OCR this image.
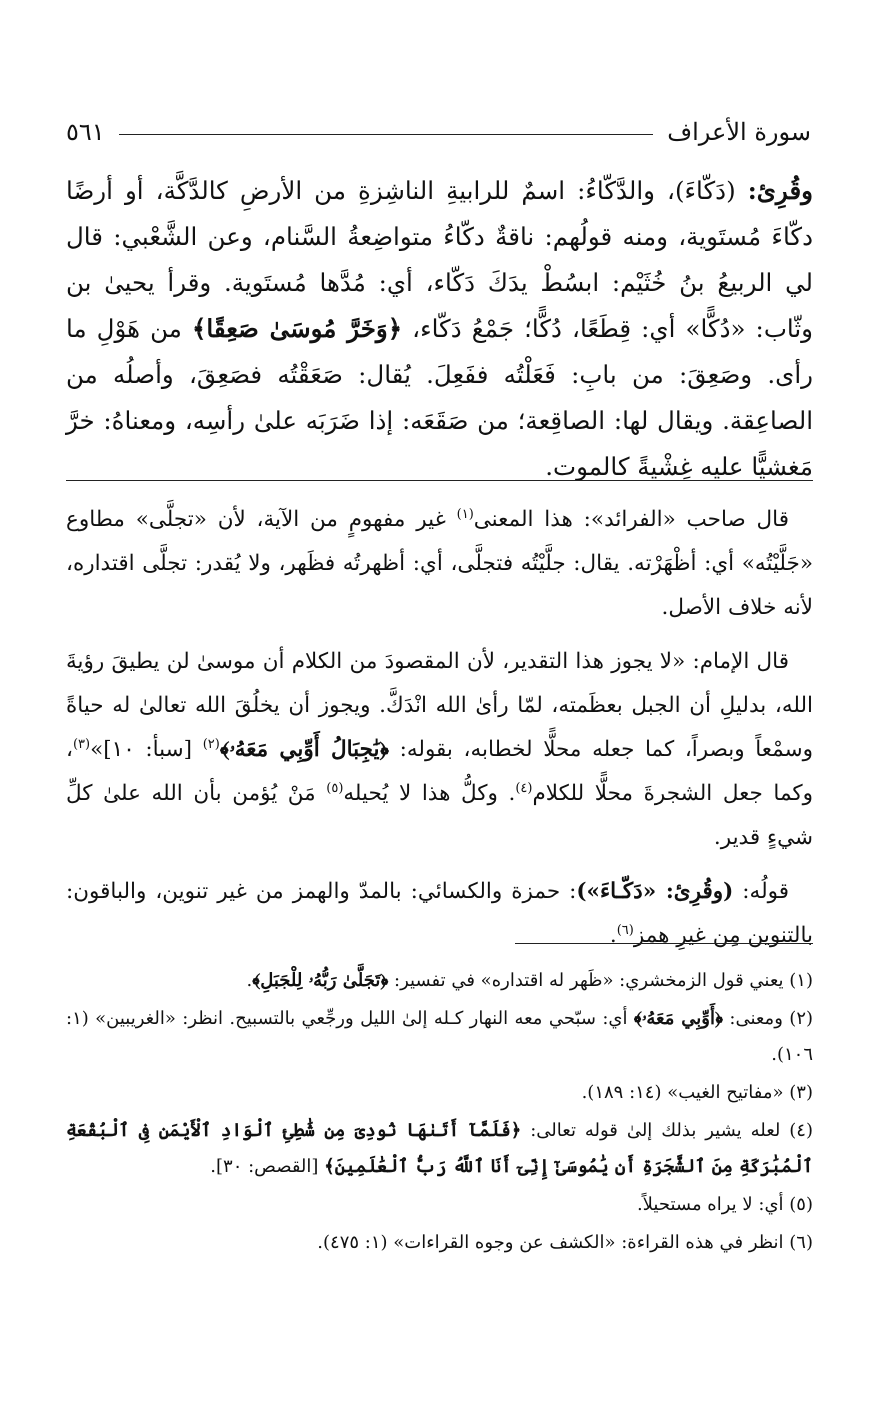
سورة الأعراف
٥٦١

وقُرِئ: (دَكّاءَ)، والدَّكّاءُ: اسمٌ للرابيةِ الناشِزةِ من الأرضِ كالدَّكَّة، أو أرضًا دكّاءَ مُستَوية، ومنه قولُهم: ناقةٌ دكّاءُ متواضِعةُ السَّنام، وعن الشَّعْبي: قال لي الربيعُ بنُ خُثَيْم: ابسُطْ يدَكَ دَكّاء، أي: مُدَّها مُستَوية. وقرأ يحيىٰ بن وثّاب: «دُكًّا» أي: قِطَعًا، دُكًّا؛ جَمْعُ دَكّاء، ﴿وَخَرَّ مُوسَىٰ صَعِقًا﴾ من هَوْلِ ما رأى. وصَعِقَ: من بابِ: فَعَلْتُه ففَعِلَ. يُقال: صَعَقْتُه فصَعِقَ، وأصلُه من الصاعِقة. ويقال لها: الصاقِعة؛ من صَقَعَه: إذا ضَرَبَه علىٰ رأسِه، ومعناهُ: خرَّ مَغشيًّا عليه غِشْيةً كالموت.

قال صاحب «الفرائد»: هذا المعنى$^{(١)}$ غير مفهومٍ من الآية، لأن «تجلَّى» مطاوع «جَلَّيْتُه» أي: أظْهَرْته. يقال: جلَّيْتُه فتجلَّى، أي: أظهرتُه فظَهر، ولا يُقدر: تجلَّى اقتداره، لأنه خلاف الأصل.

قال الإمام: «لا يجوز هذا التقدير، لأن المقصودَ من الكلام أن موسىٰ لن يطيقَ رؤيةَ الله، بدليلِ أن الجبل بعظَمته، لمّا رأىٰ الله انْدَكَّ. ويجوز أن يخلُقَ الله تعالىٰ له حياةً وسمْعاً وبصراً، كما جعله محلًّا لخطابه، بقوله: ﴿يَٰجِبَالُ أَوِّبِي مَعَهُۥ﴾$^{(٢)}$ [سبأ: ١٠]»$^{(٣)}$، وكما جعل الشجرةَ محلًّا للكلام$^{(٤)}$. وكلُّ هذا لا يُحيله$^{(٥)}$ مَنْ يُؤمن بأن الله علىٰ كلِّ شيءٍ قدير.

قولُه: (وقُرِئ: «دَكّـاءَ»): حمزة والكسائي: بالمدّ والهمز من غير تنوين، والباقون: بالتنوين مِن غيرِ همز$^{(٦)}$.

(١) يعني قول الزمخشري: «ظَهر له اقتداره» في تفسير: ﴿تَجَلَّىٰ رَبُّهُۥ لِلْجَبَلِ﴾.
(٢) ومعنى: ﴿أَوِّبِي مَعَهُۥ﴾ أي: سبّحي معه النهار كـله إلىٰ الليل ورجِّعي بالتسبيح. انظر: «الغريبين» (١: ١٠٦).
(٣) «مفاتيح الغيب» (١٤: ١٨٩).
(٤) لعله يشير بذلك إلىٰ قوله تعالى: ﴿فَلَمَّآ أَتَىٰهَا نُودِىَ مِن شَٰطِئِ ٱلْوَادِ ٱلْأَيْمَنِ فِى ٱلْبُقْعَةِ ٱلْمُبَٰرَكَةِ مِنَ ٱلشَّجَرَةِ أَن يَٰمُوسَىٰٓ إِنِّىٓ أَنَا ٱللَّهُ رَبُّ ٱلْعَٰلَمِينَ﴾ [القصص: ٣٠].
(٥) أي: لا يراه مستحيلاً.
(٦) انظر في هذه القراءة: «الكشف عن وجوه القراءات» (١: ٤٧٥).
